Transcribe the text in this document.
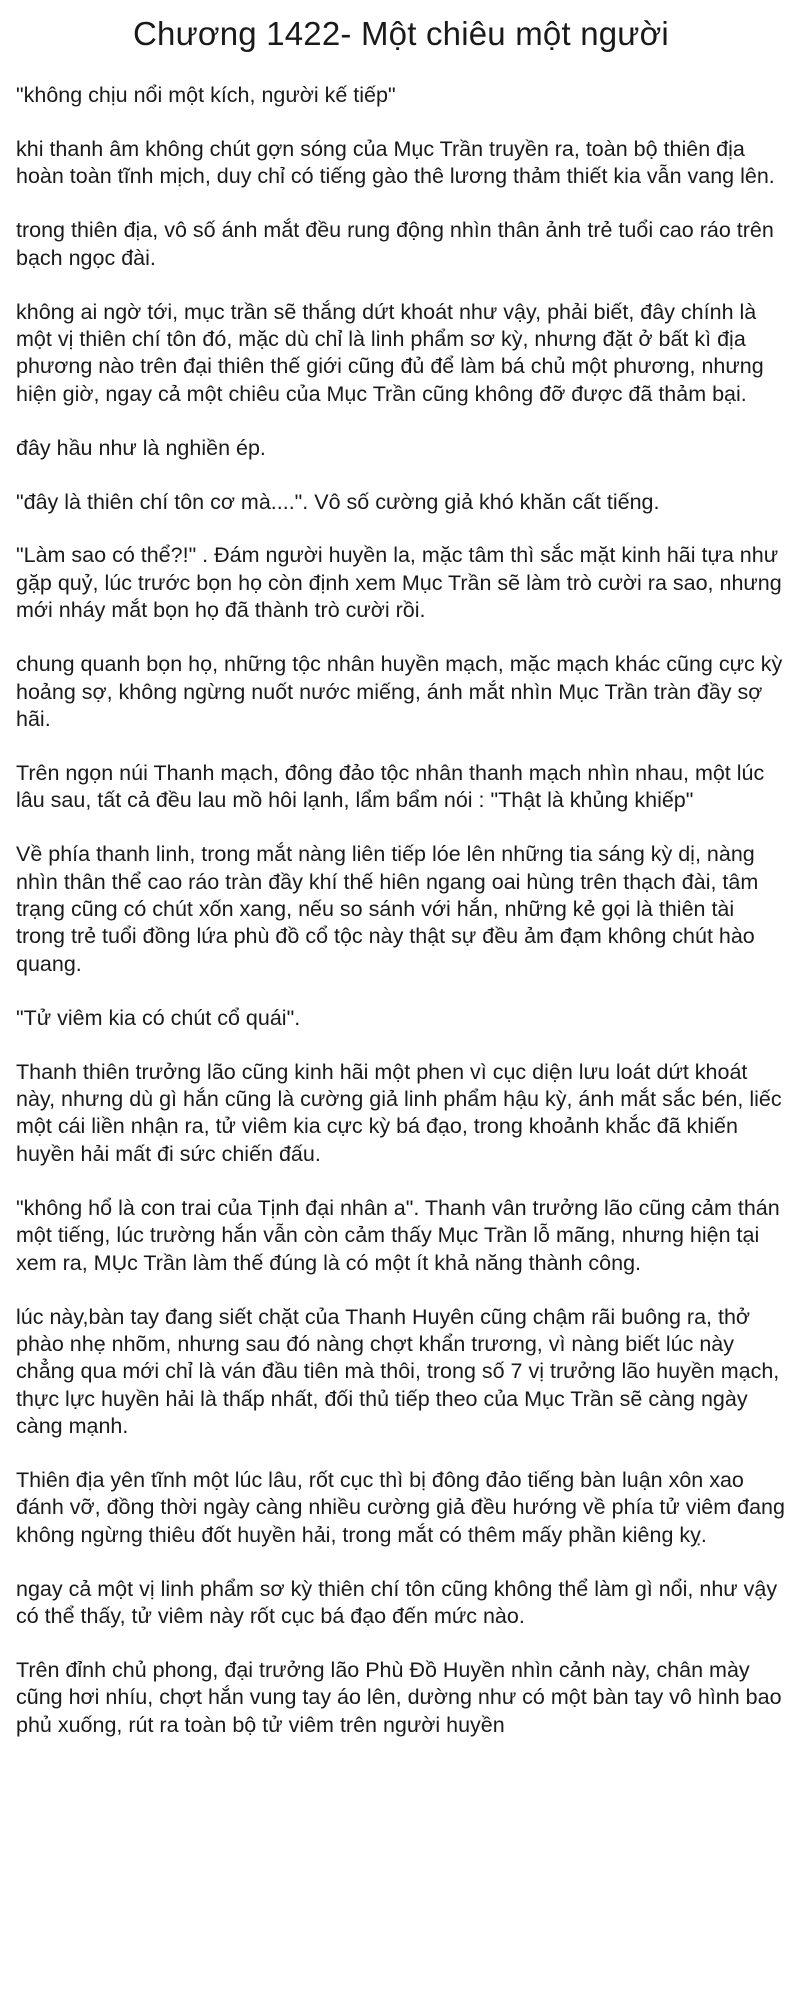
Chương 1422- Một chiêu một người

"không chịu nổi một kích, người kế tiếp"

khi thanh âm không chút gợn sóng của Mục Trần truyền ra, toàn bộ thiên địa hoàn toàn tĩnh mịch, duy chỉ có tiếng gào thê lương thảm thiết kia vẫn vang lên.

trong thiên địa, vô số ánh mắt đều rung động nhìn thân ảnh trẻ tuổi cao ráo trên bạch ngọc đài.

không ai ngờ tới, mục trần sẽ thắng dứt khoát như vậy, phải biết, đây chính là một vị thiên chí tôn đó, mặc dù chỉ là linh phẩm sơ kỳ, nhưng đặt ở bất kì địa phương nào trên đại thiên thế giới cũng đủ để làm bá chủ một phương, nhưng hiện giờ, ngay cả một chiêu của Mục Trần cũng không đỡ được đã thảm bại.

đây hầu như là nghiền ép.

"đây là thiên chí tôn cơ mà....". Vô số cường giả khó khăn cất tiếng.

"Làm sao có thể?!" . Đám người huyền la, mặc tâm thì sắc mặt kinh hãi tựa như gặp quỷ, lúc trước bọn họ còn định xem Mục Trần sẽ làm trò cười ra sao, nhưng mới nháy mắt bọn họ đã thành trò cười rồi.

chung quanh bọn họ, những tộc nhân huyền mạch, mặc mạch khác cũng cực kỳ hoảng sợ, không ngừng nuốt nước miếng, ánh mắt nhìn Mục Trần tràn đầy sợ hãi.

Trên ngọn núi Thanh mạch, đông đảo tộc nhân thanh mạch nhìn nhau, một lúc lâu sau, tất cả đều lau mồ hôi lạnh, lẩm bẩm nói : "Thật là khủng khiếp"

Về phía thanh linh, trong mắt nàng liên tiếp lóe lên những tia sáng kỳ dị, nàng nhìn thân thể cao ráo tràn đầy khí thế hiên ngang oai hùng trên thạch đài, tâm trạng cũng có chút xốn xang, nếu so sánh với hắn, những kẻ gọi là thiên tài trong trẻ tuổi đồng lứa phù đồ cổ tộc này thật sự đều ảm đạm không chút hào quang.

"Tử viêm kia có chút cổ quái".

Thanh thiên trưởng lão cũng kinh hãi một phen vì cục diện lưu loát dứt khoát này, nhưng dù gì hắn cũng là cường giả linh phẩm hậu kỳ, ánh mắt sắc bén, liếc một cái liền nhận ra, tử viêm kia cực kỳ bá đạo, trong khoảnh khắc đã khiến huyền hải mất đi sức chiến đấu.

"không hổ là con trai của Tịnh đại nhân a". Thanh vân trưởng lão cũng cảm thán một tiếng, lúc trường hắn vẫn còn cảm thấy Mục Trần lỗ mãng, nhưng hiện tại xem ra, MỤc Trần làm thế đúng là có một ít khả năng thành công.

lúc này,bàn tay đang siết chặt của Thanh Huyên cũng chậm rãi buông ra, thở phào nhẹ nhõm, nhưng sau đó nàng chợt khẩn trương, vì nàng biết lúc này chẳng qua mới chỉ là ván đầu tiên mà thôi, trong số 7 vị trưởng lão huyền mạch, thực lực huyền hải là thấp nhất, đối thủ tiếp theo của Mục Trần sẽ càng ngày càng mạnh.

Thiên địa yên tĩnh một lúc lâu, rốt cục thì bị đông đảo tiếng bàn luận xôn xao đánh vỡ, đồng thời ngày càng nhiều cường giả đều hướng về phía tử viêm đang không ngừng thiêu đốt huyền hải, trong mắt có thêm mấy phần kiêng kỵ.

ngay cả một vị linh phẩm sơ kỳ thiên chí tôn cũng không thể làm gì nổi, như vậy có thể thấy, tử viêm này rốt cục bá đạo đến mức nào.

Trên đỉnh chủ phong, đại trưởng lão Phù Đồ Huyền nhìn cảnh này, chân mày cũng hơi nhíu, chợt hắn vung tay áo lên, dường như có một bàn tay vô hình bao phủ xuống, rút ra toàn bộ tử viêm trên người huyền
